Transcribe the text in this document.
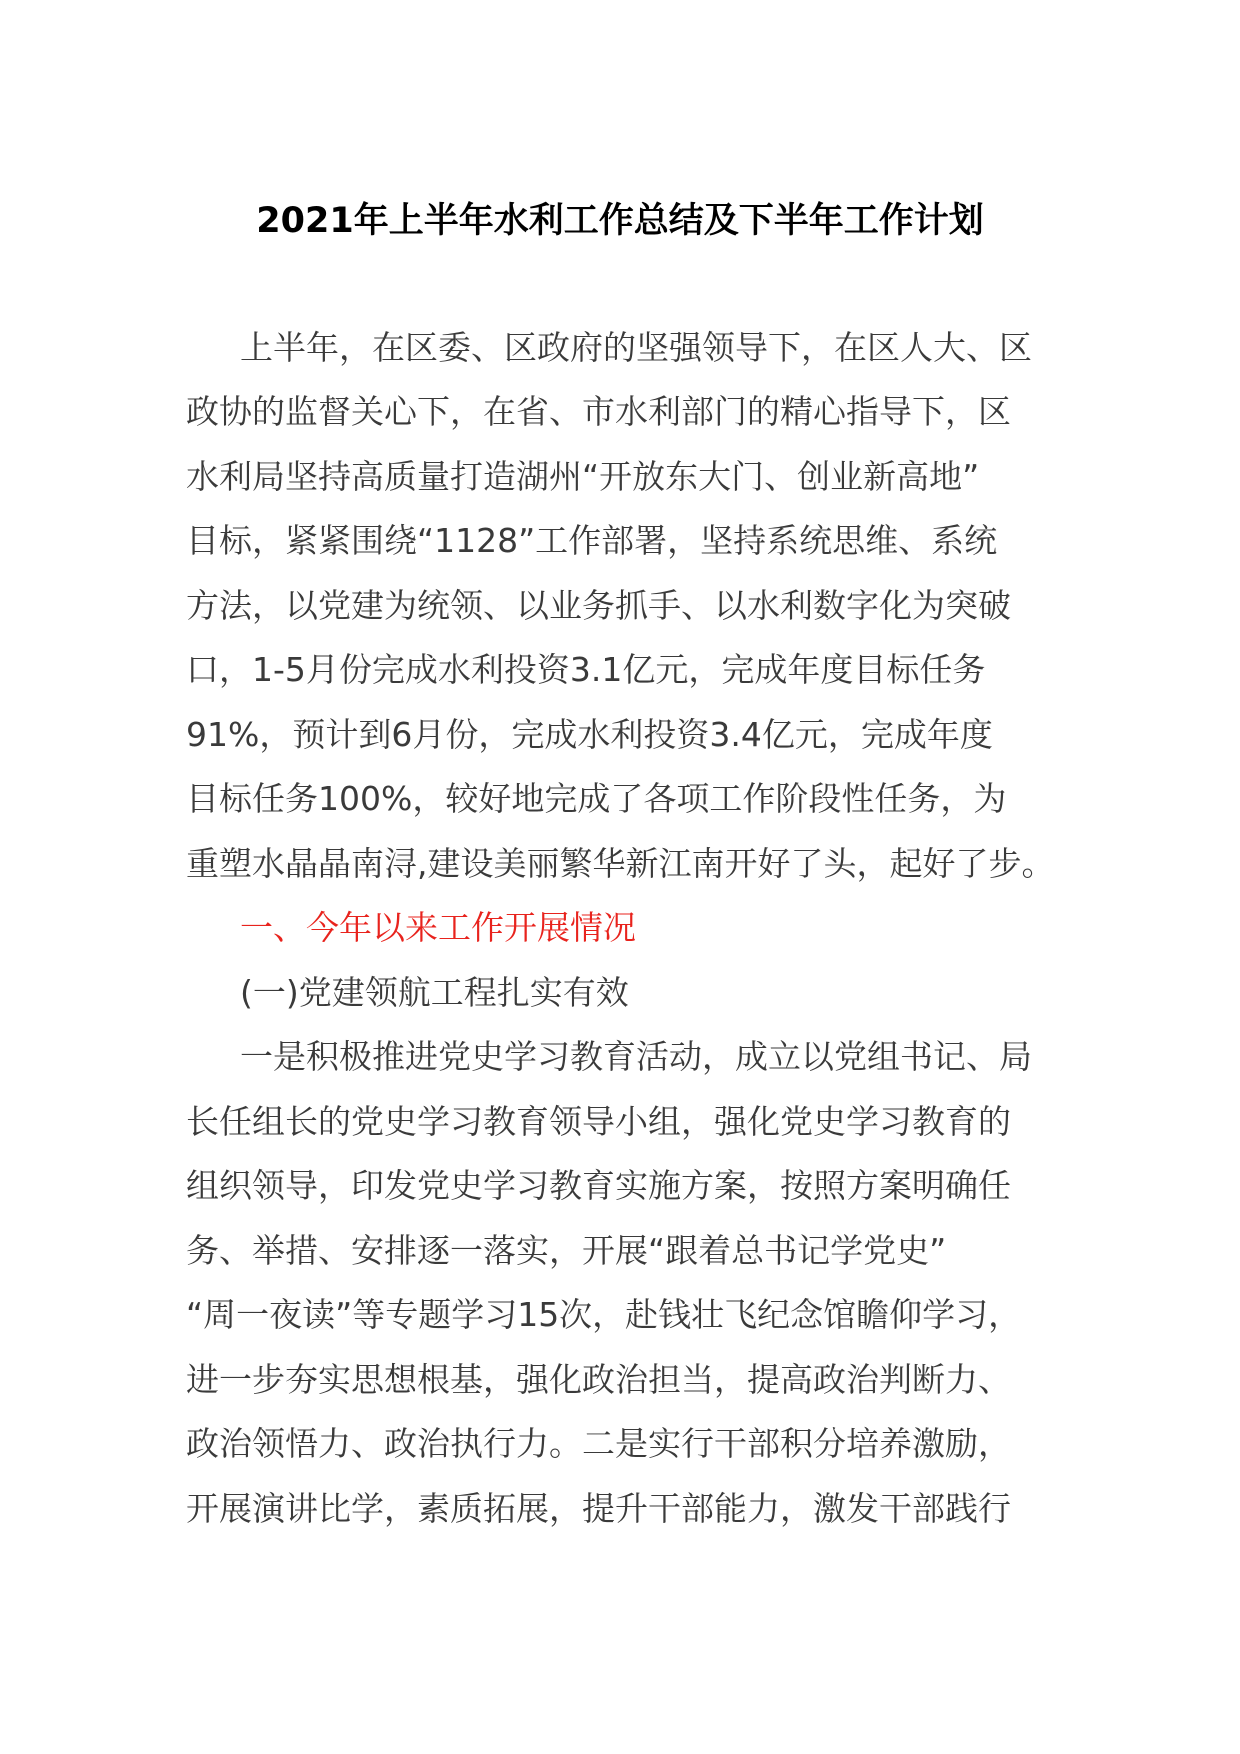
2021年上半年水利工作总结及下半年工作计划

上半年，在区委、区政府的坚强领导下，在区人大、区

政协的监督关心下，在省、市水利部门的精心指导下，区

水利局坚持高质量打造湖州“开放东大门、创业新高地”

目标，紧紧围绕“1128”工作部署，坚持系统思维、系统

方法，以党建为统领、以业务抓手、以水利数字化为突破

口，1-5月份完成水利投资3.1亿元，完成年度目标任务

91%，预计到6月份，完成水利投资3.4亿元，完成年度

目标任务100%，较好地完成了各项工作阶段性任务，为

重塑水晶晶南浔,建设美丽繁华新江南开好了头，起好了步。

一、今年以来工作开展情况
(一)党建领航工程扎实有效

一是积极推进党史学习教育活动，成立以党组书记、局

长任组长的党史学习教育领导小组，强化党史学习教育的

组织领导，印发党史学习教育实施方案，按照方案明确任

务、举措、安排逐一落实，开展“跟着总书记学党史”

“周一夜读”等专题学习15次，赴钱壮飞纪念馆瞻仰学习，

进一步夯实思想根基，强化政治担当，提高政治判断力、

政治领悟力、政治执行力。二是实行干部积分培养激励，

开展演讲比学，素质拓展，提升干部能力，激发干部践行
